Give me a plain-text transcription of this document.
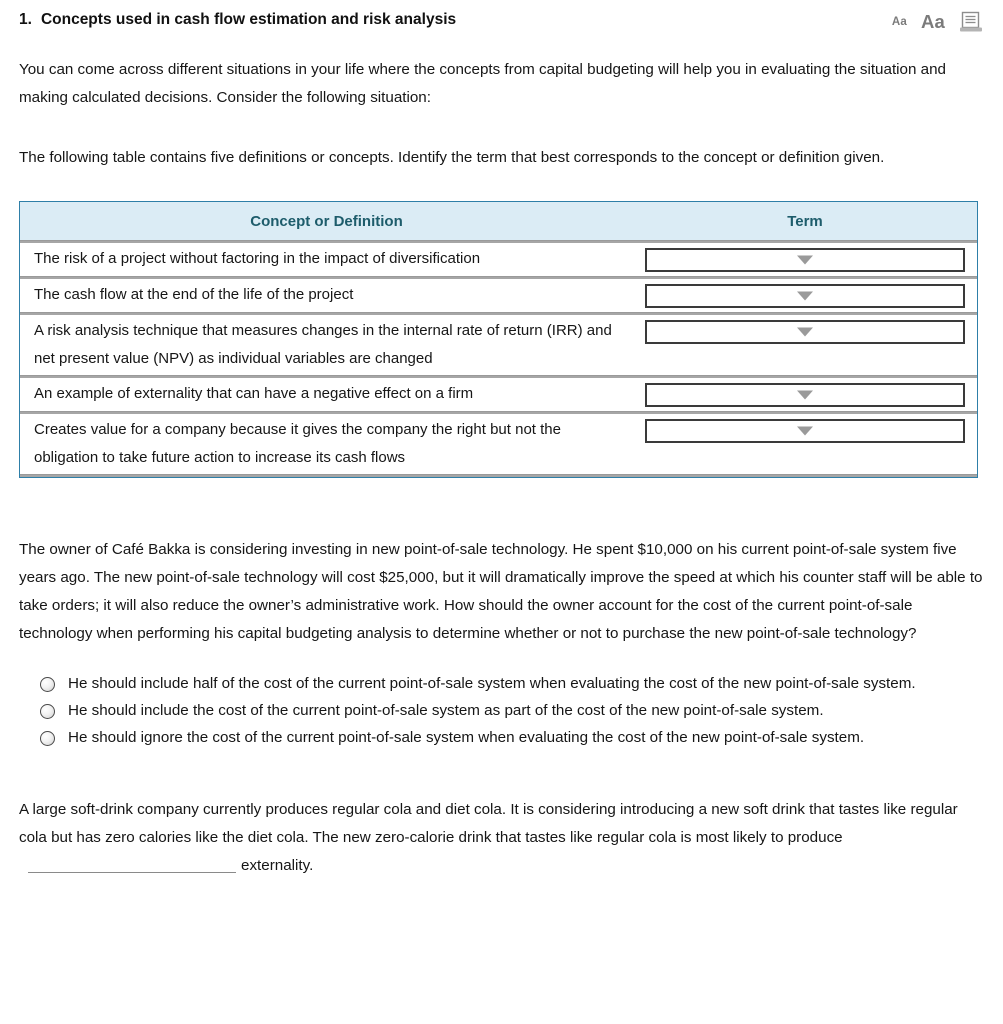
1. Concepts used in cash flow estimation and risk analysis	Aa Aa
You can come across different situations in your life where the concepts from capital budgeting will help you in evaluating the situation and making calculated decisions. Consider the following situation:
The following table contains five definitions or concepts. Identify the term that best corresponds to the concept or definition given.
Concept or Definition	Term

The risk of a project without factoring in the impact of diversification	

The cash flow at the end of the life of the project	

A risk analysis technique that measures changes in the internal rate of return (IRR) and net present value (NPV) as individual variables are changed	

An example of externality that can have a negative effect on a firm	

Creates value for a company because it gives the company the right but not the obligation to take future action to increase its cash flows	

The owner of Café Bakka is considering investing in new point-of-sale technology. He spent $10,000 on his current point-of-sale system five years ago. The new point-of-sale technology will cost $25,000, but it will dramatically improve the speed at which his counter staff will be able to take orders; it will also reduce the owner’s administrative work. How should the owner account for the cost of the current point-of-sale technology when performing his capital budgeting analysis to determine whether or not to purchase the new point-of-sale technology?
He should include half of the cost of the current point-of-sale system when evaluating the cost of the new point-of-sale system.
He should include the cost of the current point-of-sale system as part of the cost of the new point-of-sale system.
He should ignore the cost of the current point-of-sale system when evaluating the cost of the new point-of-sale system.
A large soft-drink company currently produces regular cola and diet cola. It is considering introducing a new soft drink that tastes like regular cola but has zero calories like the diet cola. The new zero-calorie drink that tastes like regular cola is most likely to produceexternality.
